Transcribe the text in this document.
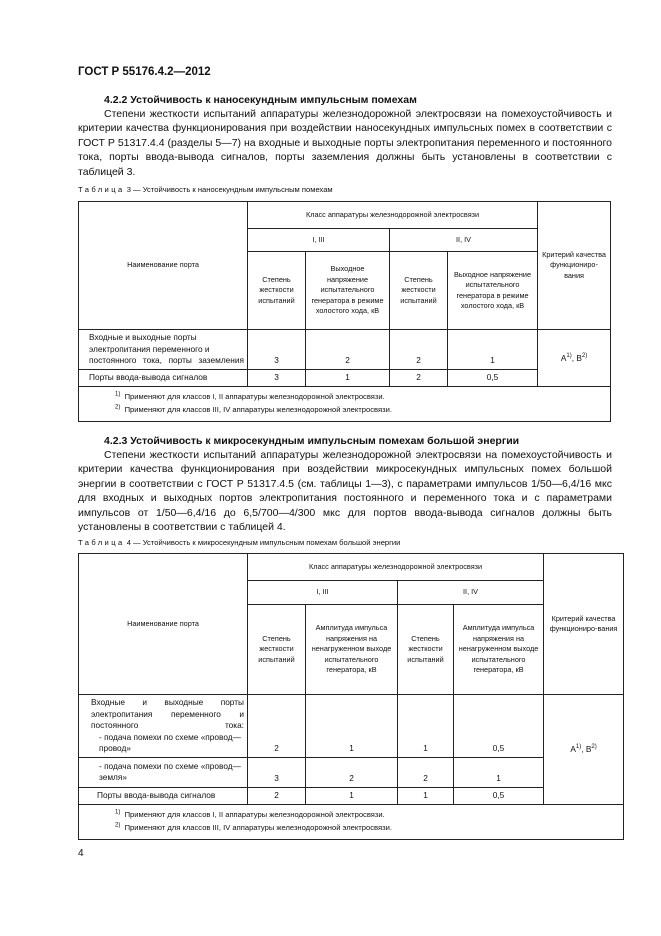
ГОСТ Р 55176.4.2—2012
4.2.2 Устойчивость к наносекундным импульсным помехам
Степени жесткости испытаний аппаратуры железнодорожной электросвязи на помехоустойчивость и критерии качества функционирования при воздействии наносекундных импульсных помех в соответствии с ГОСТ Р 51317.4.4 (разделы 5—7) на входные и выходные порты электропитания переменного и постоянного тока, порты ввода-вывода сигналов, порты заземления должны быть установлены в соответствии с таблицей 3.
Таблица 3 — Устойчивость к наносекундным импульсным помехам
Наименование порта	Класс аппаратуры железнодорожной электросвязи				Критерий качества функциониро-вания
	I, III		II, IV		
	Степень жесткости испытаний	Выходное напряжение испытательного генератора в режиме холостого хода, кВ	Степень жесткости испытаний	Выходное напряжение испытательного генератора в режиме холостого хода, кВ	
Входные и выходные порты электропитания переменного и постоянного тока, порты заземления	3	2	2	1	$А^{1)}$, $В^{2)}$
Порты ввода-вывода сигналов	3	1	2	0,5	

$^{1)}$ Применяют для классов I, II аппаратуры железнодорожной электросвязи.
$^{2)}$ Применяют для классов III, IV аппаратуры железнодорожной электросвязи.					
4.2.3 Устойчивость к микросекундным импульсным помехам большой энергии
Степени жесткости испытаний аппаратуры железнодорожной электросвязи на помехоустойчивость и критерии качества функционирования при воздействии микросекундных импульсных помех большой энергии в соответствии с ГОСТ Р 51317.4.5 (см. таблицы 1—3), с параметрами импульсов 1/50—6,4/16 мкс для входных и выходных портов электропитания постоянного и переменного тока и с параметрами импульсов от 1/50—6,4/16 до 6,5/700—4/300 мкс для портов ввода-вывода сигналов должны быть установлены в соответствии с таблицей 4.
Таблица 4 — Устойчивость к микросекундным импульсным помехам большой энергии
Наименование порта	Класс аппаратуры железнодорожной электросвязи				Критерий качества функциониро-вания
	I, III		II, IV		
	Степень жесткости испытаний	Амплитуда импульса напряжения на ненагруженном выходе испытательного генератора, кВ	Степень жесткости испытаний	Амплитуда импульса напряжения на ненагруженном выходе испытательного генератора, кВ	

Входные и выходные порты электропитания переменного и постоянного тока:
- подача помехи по схеме «провод—провод»	2	1	1	0,5	$А^{1)}$, $В^{2)}$
- подача помехи по схеме «провод—земля»	3	2	2	1	
Порты ввода-вывода сигналов	2	1	1	0,5	

$^{1)}$ Применяют для классов I, II аппаратуры железнодорожной электросвязи.
$^{2)}$ Применяют для классов III, IV аппаратуры железнодорожной электросвязи.					
4
